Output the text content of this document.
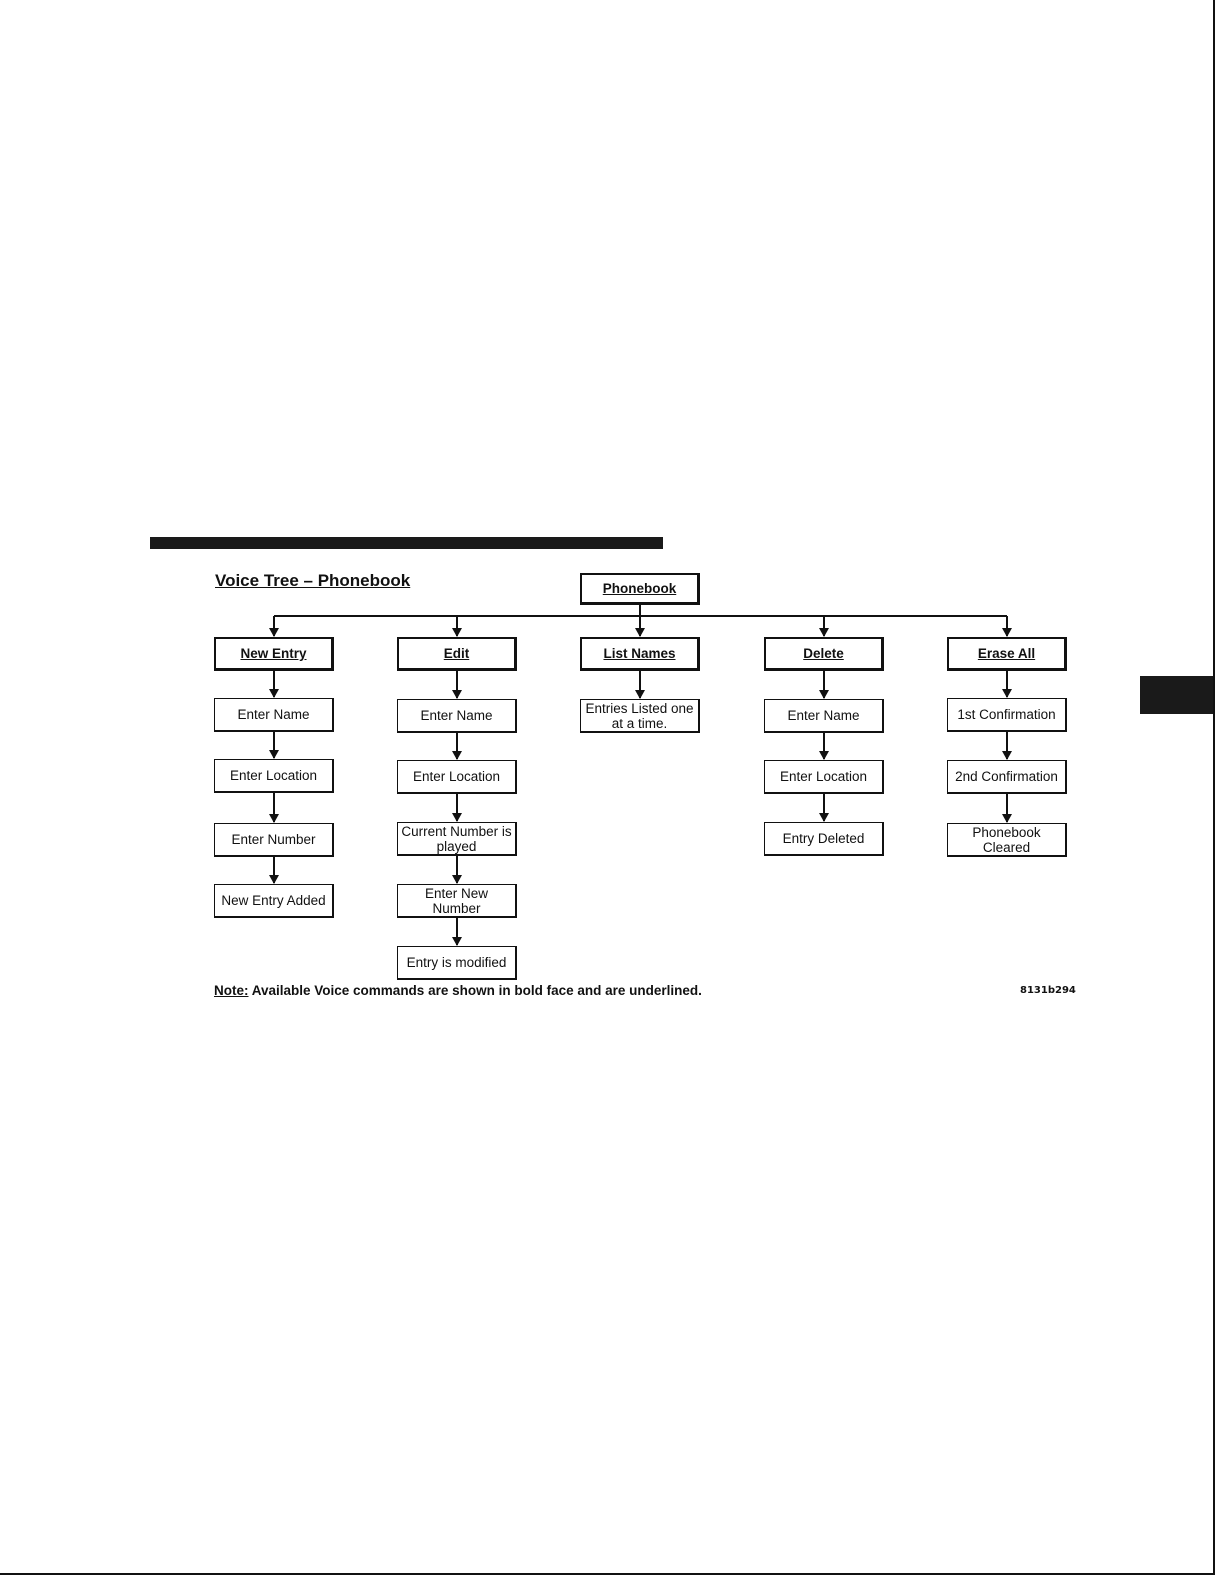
Voice Tree – Phonebook	Phonebook
New Entry
Enter Name
Enter Location
Enter Number
New Entry Added
Edit
Enter Name
Enter Location
Current Number is played
Enter New Number
Entry is modified
List Names
Entries Listed one at a time.
Delete
Enter Name
Enter Location
Entry Deleted
Erase All
1st Confirmation
2nd Confirmation
Phonebook Cleared
Note: Available Voice commands are shown in bold face and are underlined.	8131b294
